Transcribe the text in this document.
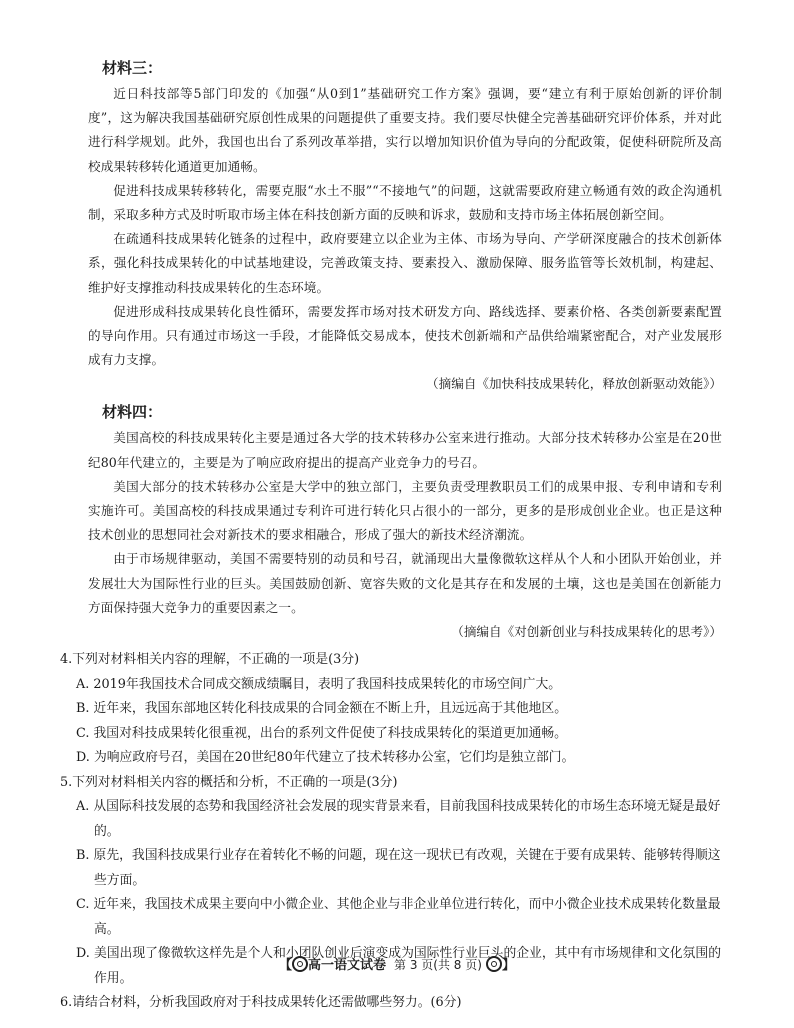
材料三：

近日科技部等5部门印发的《加强“从0到1”基础研究工作方案》强调，要“建立有利于原始创新的评价制度”，这为解决我国基础研究原创性成果的问题提供了重要支持。我们要尽快健全完善基础研究评价体系，并对此进行科学规划。此外，我国也出台了系列改革举措，实行以增加知识价值为导向的分配政策，促使科研院所及高校成果转移转化通道更加通畅。

促进科技成果转移转化，需要克服“水土不服”“不接地气”的问题，这就需要政府建立畅通有效的政企沟通机制，采取多种方式及时听取市场主体在科技创新方面的反映和诉求，鼓励和支持市场主体拓展创新空间。

在疏通科技成果转化链条的过程中，政府要建立以企业为主体、市场为导向、产学研深度融合的技术创新体系，强化科技成果转化的中试基地建设，完善政策支持、要素投入、激励保障、服务监管等长效机制，构建起、维护好支撑推动科技成果转化的生态环境。

促进形成科技成果转化良性循环，需要发挥市场对技术研发方向、路线选择、要素价格、各类创新要素配置的导向作用。只有通过市场这一手段，才能降低交易成本，使技术创新端和产品供给端紧密配合，对产业发展形成有力支撑。

（摘编自《加快科技成果转化，释放创新驱动效能》）
材料四：

美国高校的科技成果转化主要是通过各大学的技术转移办公室来进行推动。大部分技术转移办公室是在20世纪80年代建立的，主要是为了响应政府提出的提高产业竞争力的号召。

美国大部分的技术转移办公室是大学中的独立部门，主要负责受理教职员工们的成果申报、专利申请和专利实施许可。美国高校的科技成果通过专利许可进行转化只占很小的一部分，更多的是形成创业企业。也正是这种技术创业的思想同社会对新技术的要求相融合，形成了强大的新技术经济潮流。

由于市场规律驱动，美国不需要特别的动员和号召，就涌现出大量像微软这样从个人和小团队开始创业，并发展壮大为国际性行业的巨头。美国鼓励创新、宽容失败的文化是其存在和发展的土壤，这也是美国在创新能力方面保持强大竞争力的重要因素之一。

（摘编自《对创新创业与科技成果转化的思考》）
4.下列对材料相关内容的理解，不正确的一项是(3分)
A. 2019年我国技术合同成交额成绩瞩目，表明了我国科技成果转化的市场空间广大。
B. 近年来，我国东部地区转化科技成果的合同金额在不断上升，且远远高于其他地区。
C. 我国对科技成果转化很重视，出台的系列文件促使了科技成果转化的渠道更加通畅。
D. 为响应政府号召，美国在20世纪80年代建立了技术转移办公室，它们均是独立部门。
5.下列对材料相关内容的概括和分析，不正确的一项是(3分)
A. 从国际科技发展的态势和我国经济社会发展的现实背景来看，目前我国科技成果转化的市场生态环境无疑是最好的。
B. 原先，我国科技成果行业存在着转化不畅的问题，现在这一现状已有改观，关键在于要有成果转、能够转得顺这些方面。
C. 近年来，我国技术成果主要向中小微企业、其他企业与非企业单位进行转化，而中小微企业技术成果转化数量最高。
D. 美国出现了像微软这样先是个人和小团队创业后演变成为国际性行业巨头的企业，其中有市场规律和文化氛围的作用。
6.请结合材料，分析我国政府对于科技成果转化还需做哪些努力。(6分)
【 高一语文试卷 第 3 页(共 8 页) 】
